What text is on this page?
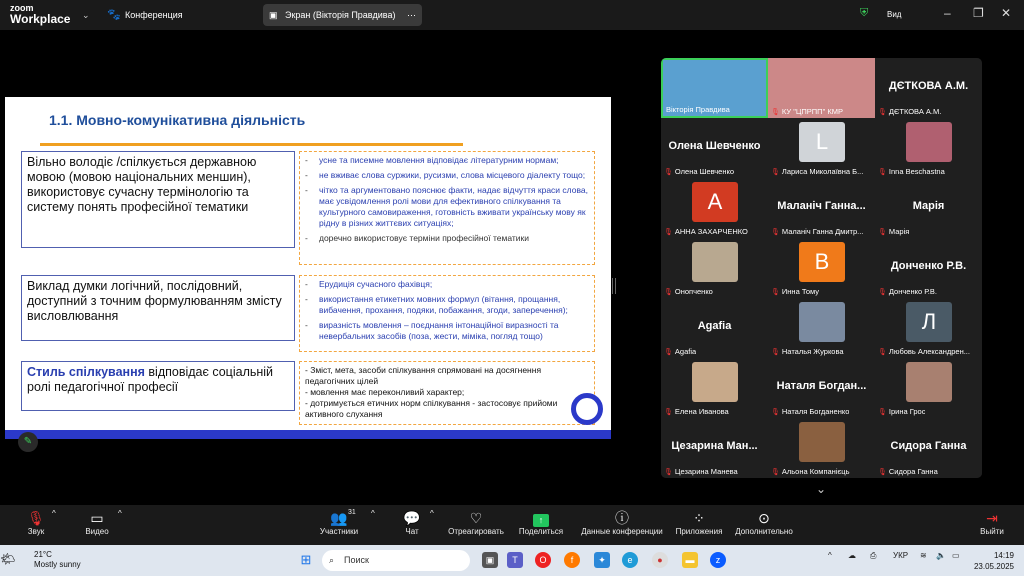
zoom
Workplace ⌄ 🐾 Конференция	▣ Экран (Вікторія Правдива) ⋯	⛨ Вид	– ❐ ✕
1.1. Мовно-комунікативна діяльність
Вільно володіє /спілкується державною мовою (мовою національних меншин), використовує сучасну термінологію та систему понять професійної тематики
-	усне та писемне мовлення відповідає літературним нормам;
-	не вживає слова суржики, русизми, слова місцевого діалекту тощо;
-	чітко та аргументовано пояснює факти, надає відчуття краси слова, має усвідомлення ролі мови для ефективного спілкування та культурного самовираження, готовність вживати українську мову як рідну в різних життєвих ситуаціях;
-	доречно використовує терміни професійної тематики
Виклад думки логічний, послідовний, доступний з точним формулюванням змісту висловлювання
-	Ерудиція сучасного фахівця;
-	використання етикетних мовних формул (вітання, прощання, вибачення, прохання, подяки, побажання, згоди, заперечення);
-	виразність мовлення – поєднання інтонаційної виразності та невербальних засобів (поза, жести, міміка, погляд тощо)
Стиль спілкування відповідає соціальній ролі педагогічної професії
- Зміст, мета, засоби спілкування спрямовані на досягнення педагогічних цілей
- мовлення має переконливий характер;
- дотримується етичних норм спілкування - застосовує прийоми активного слухання
✎
Вікторія Правдива	🎙 КУ "ЦПРПП" КМР
ДЄТКОВА А.М.
🎙 ДЄТКОВА А.М.
Олена Шевченко
🎙 Олена Шевченко
L
🎙 Лариса Миколаївна Б...	🎙 Inna Beschastna
А
🎙 АННА ЗАХАРЧЕНКО
Маланіч Ганна...
🎙 Маланіч Ганна Дмитр...
Марія
🎙 Марія
🎙 Онопченко
B
🎙 Инна Тому
Донченко Р.В.
🎙 Донченко Р.В.
Agafia
🎙 Agafia	🎙 Наталья Журкова
Л
🎙 Любовь Александрен...
🎙 Елена Иванова
Наталя Богдан...
🎙 Наталя Богданенко	🎙 Ірина Грос
Цезарина Ман...
🎙 Цезарина Манева	🎙 Альона Компанієць
Сидора Ганна
🎙 Сидора Ганна
⌄
🎙
Звук
^	▭
Видео
^	👥
Участники
31 ^ 💬
Чат
^	♡
Отреагировать
↑
Поделиться
ⓘ
Данные конференции
⁘
Приложения
⊙
Дополнительно
⇥
Выйти
🌤	21°C
Mostly sunny	⊞ ⌕ Поиск	▣	T	O	f	✦	e	●	▬	z	^ ☁ ⎙ УКР ≋ 🔈 ▭	14:19
23.05.2025
